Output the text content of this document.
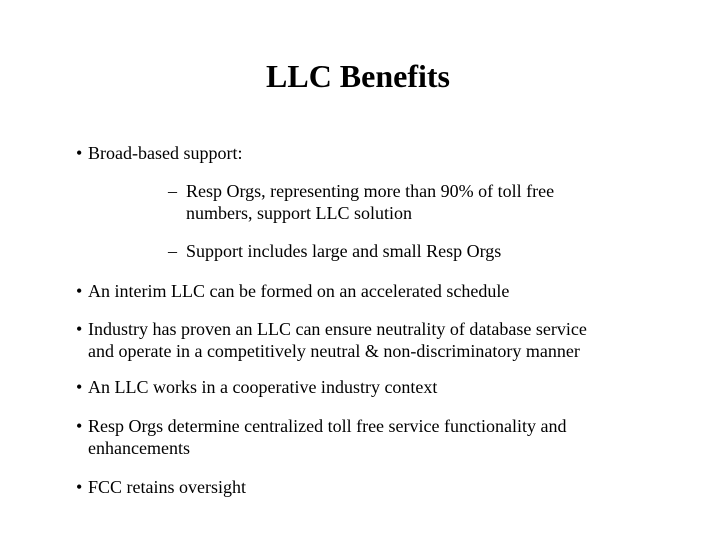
LLC Benefits
• Broad-based support:
– Resp Orgs, representing more than 90% of toll free
numbers, support LLC solution
– Support includes large and small Resp Orgs
• An interim LLC can be formed on an accelerated schedule
• Industry has proven an LLC can ensure neutrality of database service
and operate in a competitively neutral & non-discriminatory manner
• An LLC works in a cooperative industry context
• Resp Orgs determine centralized toll free service functionality and
enhancements
• FCC retains oversight
